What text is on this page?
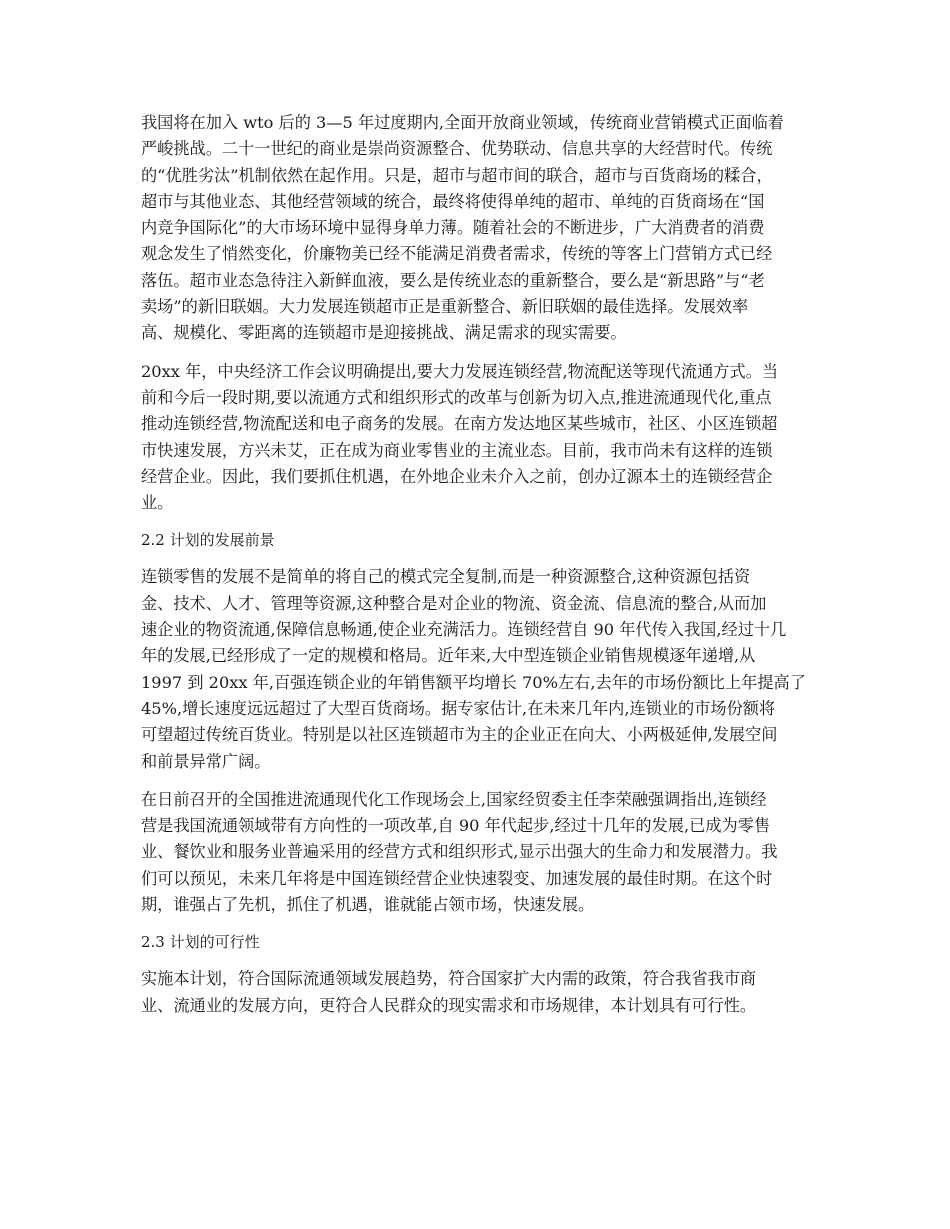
我国将在加入 wto 后的 3—5 年过度期内,全面开放商业领域，传统商业营销模式正面临着
严峻挑战。二十一世纪的商业是崇尚资源整合、优势联动、信息共享的大经营时代。传统
的“优胜劣汰”机制依然在起作用。只是，超市与超市间的联合，超市与百货商场的糅合，
超市与其他业态、其他经营领域的统合，最终将使得单纯的超市、单纯的百货商场在“国
内竞争国际化”的大市场环境中显得身单力薄。随着社会的不断进步，广大消费者的消费
观念发生了悄然变化，价廉物美已经不能满足消费者需求，传统的等客上门营销方式已经
落伍。超市业态急待注入新鲜血液，要么是传统业态的重新整合，要么是“新思路”与“老
卖场”的新旧联姻。大力发展连锁超市正是重新整合、新旧联姻的最佳选择。发展效率
高、规模化、零距离的连锁超市是迎接挑战、满足需求的现实需要。

20xx 年，中央经济工作会议明确提出,要大力发展连锁经营,物流配送等现代流通方式。当
前和今后一段时期,要以流通方式和组织形式的改革与创新为切入点,推进流通现代化,重点
推动连锁经营,物流配送和电子商务的发展。在南方发达地区某些城市，社区、小区连锁超
市快速发展，方兴未艾，正在成为商业零售业的主流业态。目前，我市尚未有这样的连锁
经营企业。因此，我们要抓住机遇，在外地企业未介入之前，创办辽源本土的连锁经营企
业。

2.2 计划的发展前景

连锁零售的发展不是简单的将自己的模式完全复制,而是一种资源整合,这种资源包括资
金、技术、人才、管理等资源,这种整合是对企业的物流、资金流、信息流的整合,从而加
速企业的物资流通,保障信息畅通,使企业充满活力。连锁经营自 90 年代传入我国,经过十几
年的发展,已经形成了一定的规模和格局。近年来,大中型连锁企业销售规模逐年递增,从
1997 到 20xx 年,百强连锁企业的年销售额平均增长 70%左右,去年的市场份额比上年提高了
45%,增长速度远远超过了大型百货商场。据专家估计,在未来几年内,连锁业的市场份额将
可望超过传统百货业。特别是以社区连锁超市为主的企业正在向大、小两极延伸,发展空间
和前景异常广阔。

在日前召开的全国推进流通现代化工作现场会上,国家经贸委主任李荣融强调指出,连锁经
营是我国流通领域带有方向性的一项改革,自 90 年代起步,经过十几年的发展,已成为零售
业、餐饮业和服务业普遍采用的经营方式和组织形式,显示出强大的生命力和发展潜力。我
们可以预见，未来几年将是中国连锁经营企业快速裂变、加速发展的最佳时期。在这个时
期，谁强占了先机，抓住了机遇，谁就能占领市场，快速发展。

2.3 计划的可行性

实施本计划，符合国际流通领域发展趋势，符合国家扩大内需的政策，符合我省我市商
业、流通业的发展方向，更符合人民群众的现实需求和市场规律，本计划具有可行性。
